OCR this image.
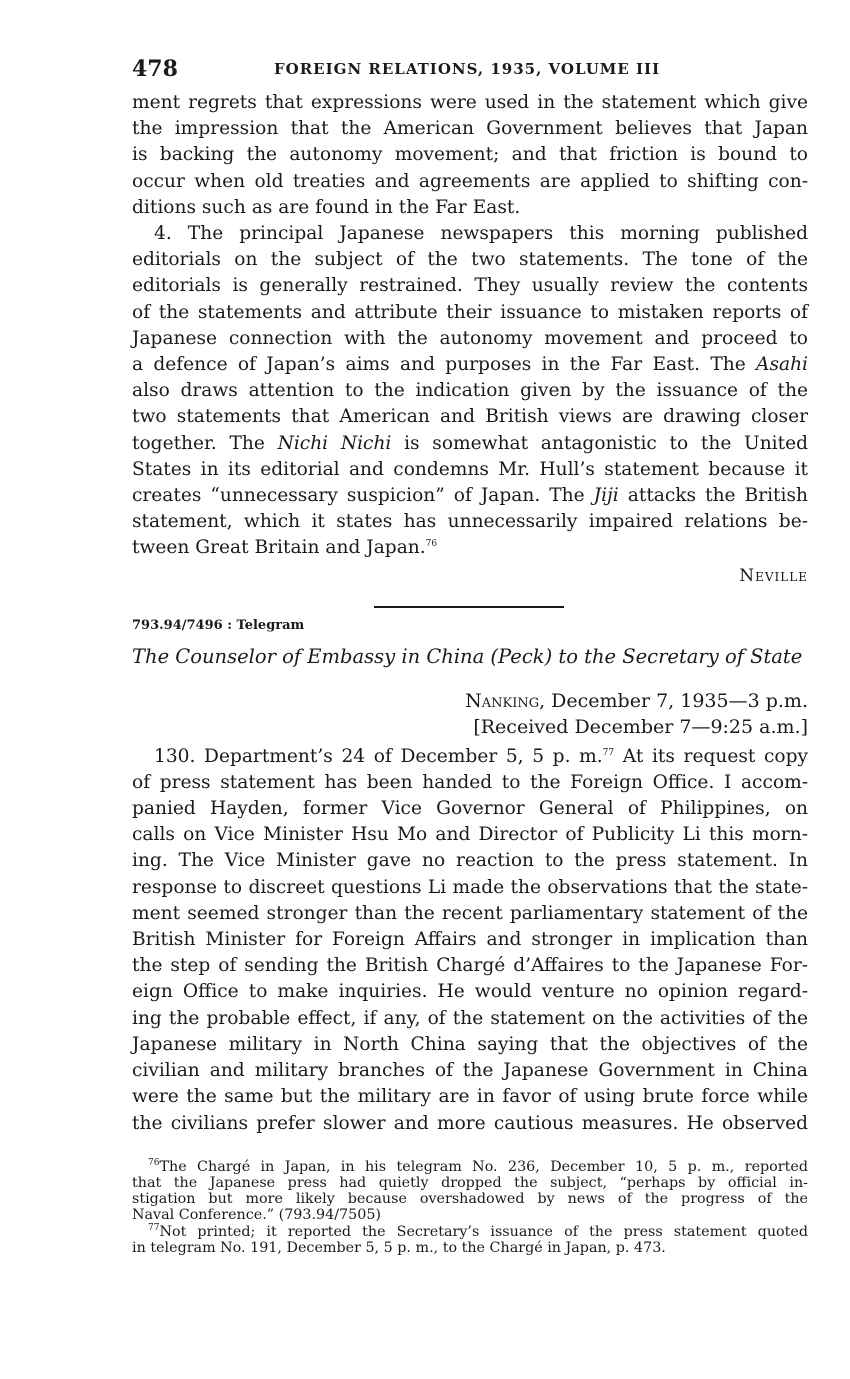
478	FOREIGN RELATIONS, 1935, VOLUME III

ment regrets that expressions were used in the statement which give
the impression that the American Government believes that Japan
is backing the autonomy movement; and that friction is bound to
occur when old treaties and agreements are applied to shifting con-
ditions such as are found in the Far East.

4. The principal Japanese newspapers this morning published
editorials on the subject of the two statements. The tone of the
editorials is generally restrained. They usually review the contents
of the statements and attribute their issuance to mistaken reports of
Japanese connection with the autonomy movement and proceed to
a defence of Japan’s aims and purposes in the Far East. The Asahi
also draws attention to the indication given by the issuance of the
two statements that American and British views are drawing closer
together. The Nichi Nichi is somewhat antagonistic to the United
States in its editorial and condemns Mr. Hull’s statement because it
creates “unnecessary suspicion” of Japan. The Jiji attacks the British
statement, which it states has unnecessarily impaired relations be-
tween Great Britain and Japan.$^{76}$

Neville
793.94/7496 : Telegram
The Counselor of Embassy in China (Peck) to the Secretary of State
Nanking, December 7, 1935—3 p.m.
[Received December 7—9:25 a.m.]

130. Department’s 24 of December 5, 5 p. m.$^{77}$ At its request copy
of press statement has been handed to the Foreign Office. I accom-
panied Hayden, former Vice Governor General of Philippines, on
calls on Vice Minister Hsu Mo and Director of Publicity Li this morn-
ing. The Vice Minister gave no reaction to the press statement. In
response to discreet questions Li made the observations that the state-
ment seemed stronger than the recent parliamentary statement of the
British Minister for Foreign Affairs and stronger in implication than
the step of sending the British Chargé d’Affaires to the Japanese For-
eign Office to make inquiries. He would venture no opinion regard-
ing the probable effect, if any, of the statement on the activities of the
Japanese military in North China saying that the objectives of the
civilian and military branches of the Japanese Government in China
were the same but the military are in favor of using brute force while
the civilians prefer slower and more cautious measures. He observed

$^{76}$The Chargé in Japan, in his telegram No. 236, December 10, 5 p. m., reported
that the Japanese press had quietly dropped the subject, “perhaps by official in-
stigation but more likely because overshadowed by news of the progress of the
Naval Conference.” (793.94/7505)

$^{77}$Not printed; it reported the Secretary’s issuance of the press statement quoted
in telegram No. 191, December 5, 5 p. m., to the Chargé in Japan, p. 473.
